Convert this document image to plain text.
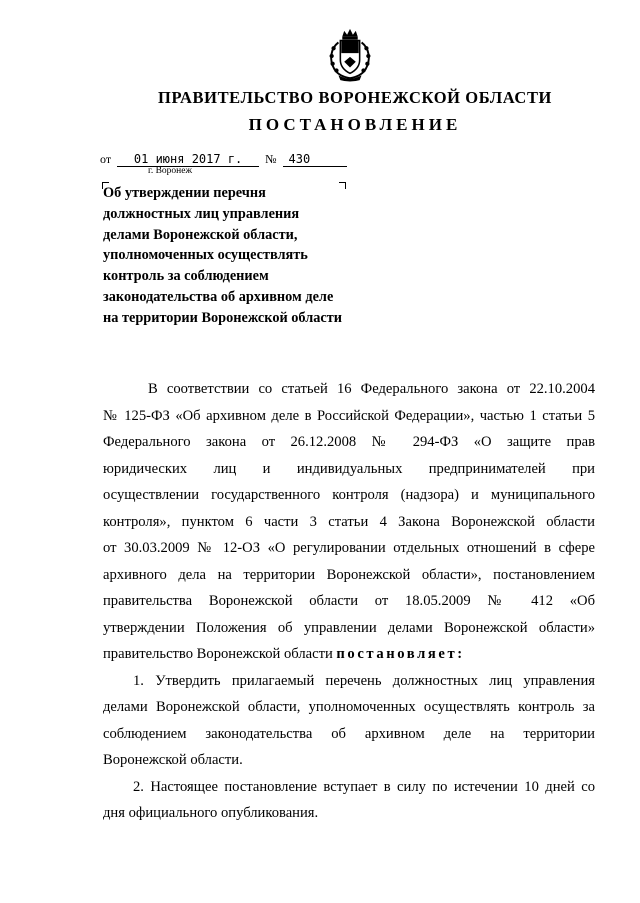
ПРАВИТЕЛЬСТВО ВОРОНЕЖСКОЙ ОБЛАСТИ
ПОСТАНОВЛЕНИЕ
от	01 июня 2017 г.	№	430
г. Воронеж
Об утверждении перечня
должностных лиц управления
делами Воронежской области,
уполномоченных осуществлять
контроль за соблюдением
законодательства об архивном деле
на территории Воронежской области
В соответствии со статьей 16 Федерального закона от 22.10.2004
№ 125-ФЗ «Об архивном деле в Российской Федерации», частью 1 статьи 5
Федерального закона от 26.12.2008 № 294-ФЗ «О защите прав
юридических лиц и индивидуальных предпринимателей при
осуществлении государственного контроля (надзора) и муниципального
контроля», пунктом 6 части 3 статьи 4 Закона Воронежской области
от 30.03.2009 № 12-ОЗ «О регулировании отдельных отношений в сфере
архивного дела на территории Воронежской области», постановлением
правительства Воронежской области от 18.05.2009 № 412 «Об
утверждении Положения об управлении делами Воронежской области»
правительство Воронежской области постановляет:
1. Утвердить прилагаемый перечень должностных лиц управления
делами Воронежской области, уполномоченных осуществлять контроль за
соблюдением законодательства об архивном деле на территории
Воронежской области.
2. Настоящее постановление вступает в силу по истечении 10 дней со
дня официального опубликования.
